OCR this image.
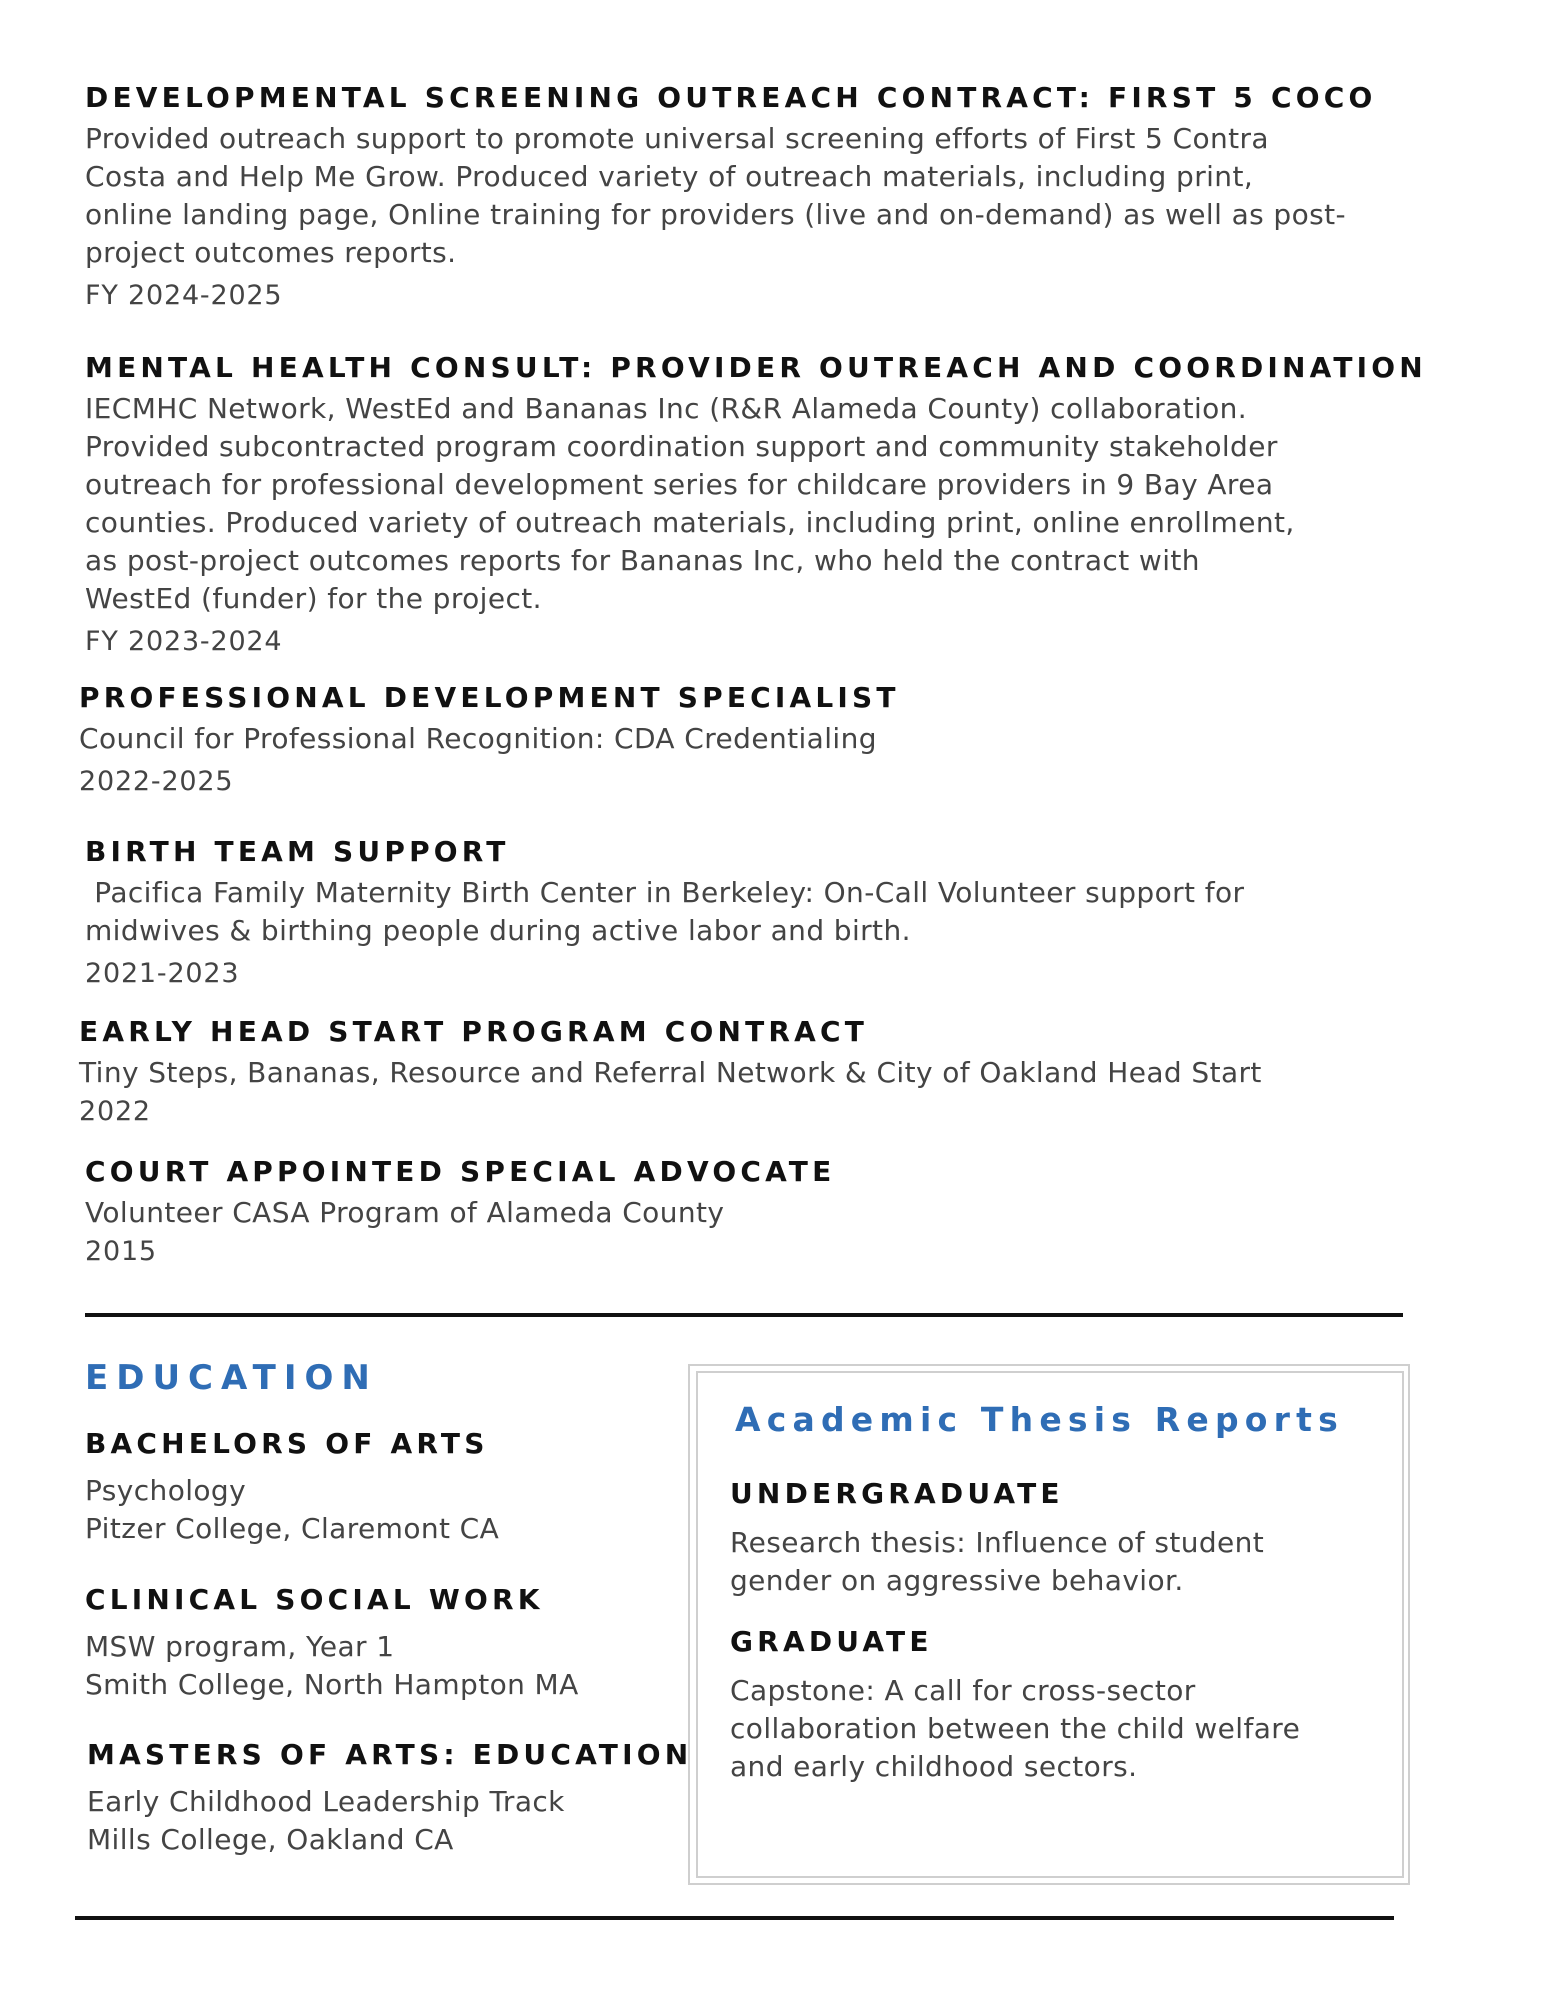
DEVELOPMENTAL SCREENING OUTREACH CONTRACT: FIRST 5 COCO
Provided outreach support to promote universal screening efforts of First 5 Contra
Costa and Help Me Grow. Produced variety of outreach materials, including print,
online landing page, Online training for providers (live and on-demand) as well as post-
project outcomes reports.
FY 2024-2025
MENTAL HEALTH CONSULT: PROVIDER OUTREACH AND COORDINATION
IECMHC Network, WestEd and Bananas Inc (R&R Alameda County) collaboration.
Provided subcontracted program coordination support and community stakeholder
outreach for professional development series for childcare providers in 9 Bay Area
counties. Produced variety of outreach materials, including print, online enrollment,
as post-project outcomes reports for Bananas Inc, who held the contract with
WestEd (funder) for the project.
FY 2023-2024
PROFESSIONAL DEVELOPMENT SPECIALIST
Council for Professional Recognition: CDA Credentialing
2022-2025
BIRTH TEAM SUPPORT
Pacifica Family Maternity Birth Center in Berkeley: On-Call Volunteer support for
midwives & birthing people during active labor and birth.
2021-2023
EARLY HEAD START PROGRAM CONTRACT
Tiny Steps, Bananas, Resource and Referral Network & City of Oakland Head Start
2022
COURT APPOINTED SPECIAL ADVOCATE
Volunteer CASA Program of Alameda County
2015
EDUCATION
BACHELORS OF ARTS
Psychology
Pitzer College, Claremont CA
CLINICAL SOCIAL WORK
MSW program, Year 1
Smith College, North Hampton MA
MASTERS OF ARTS: EDUCATION
Early Childhood Leadership Track
Mills College, Oakland CA
Academic Thesis Reports
UNDERGRADUATE
Research thesis: Influence of student
gender on aggressive behavior.
GRADUATE
Capstone: A call for cross-sector
collaboration between the child welfare
and early childhood sectors.
